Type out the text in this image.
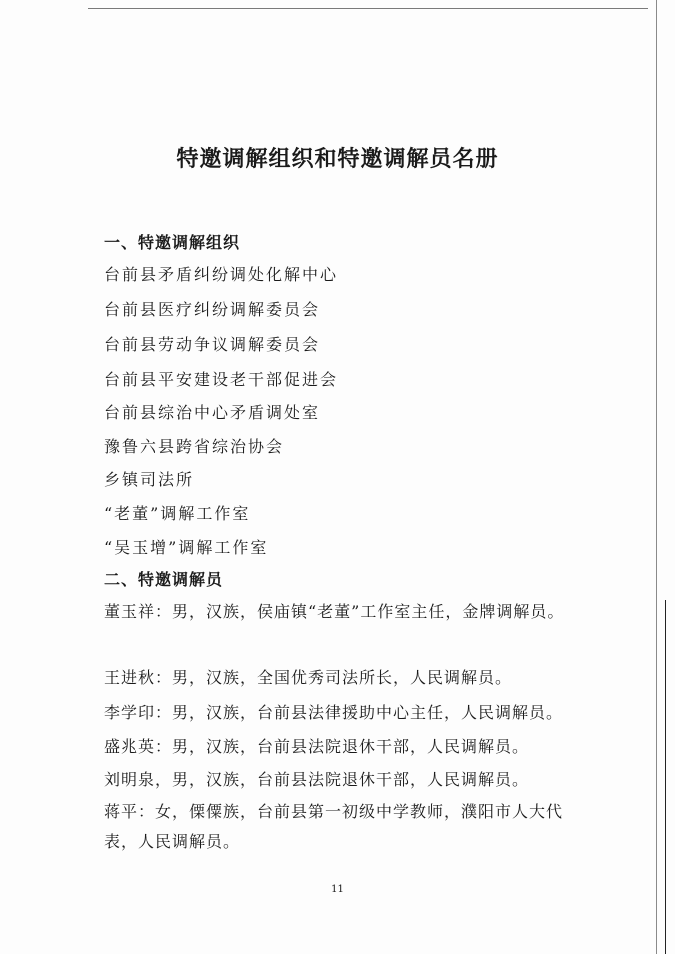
特邀调解组织和特邀调解员名册
一、特邀调解组织
台前县矛盾纠纷调处化解中心
台前县医疗纠纷调解委员会
台前县劳动争议调解委员会
台前县平安建设老干部促进会
台前县综治中心矛盾调处室
豫鲁六县跨省综治协会
乡镇司法所
“老董”调解工作室
“吴玉增”调解工作室
二、特邀调解员
董玉祥：男，汉族，侯庙镇“老董”工作室主任，金牌调解员。
王进秋：男，汉族，全国优秀司法所长，人民调解员。
李学印：男，汉族，台前县法律援助中心主任，人民调解员。
盛兆英：男，汉族，台前县法院退休干部，人民调解员。
刘明泉，男，汉族，台前县法院退休干部，人民调解员。
蒋平：女，傈僳族，台前县第一初级中学教师，濮阳市人大代表，人民调解员。
11
